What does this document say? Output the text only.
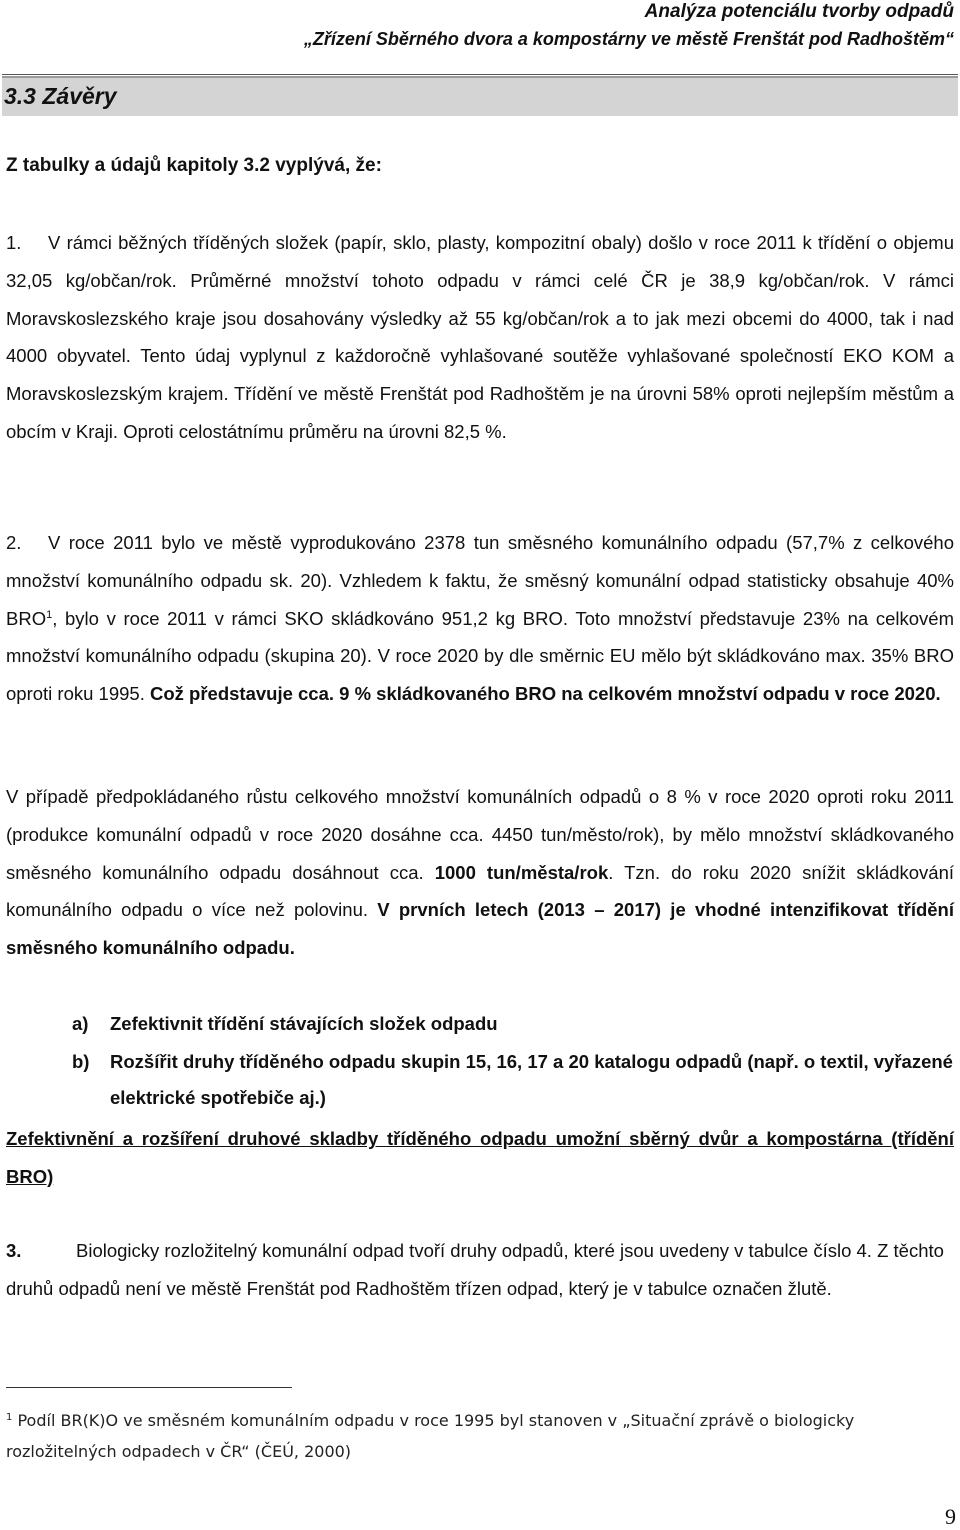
Analýza potenciálu tvorby odpadů
„Zřízení Sběrného dvora a kompostárny ve městě Frenštát pod Radhoštěm“
3.3 Závěry
Z tabulky a údajů kapitoly 3.2 vyplývá, že:
1. V rámci běžných tříděných složek (papír, sklo, plasty, kompozitní obaly) došlo v roce 2011 k třídění o objemu 32,05 kg/občan/rok. Průměrné množství tohoto odpadu v rámci celé ČR je 38,9 kg/občan/rok. V rámci Moravskoslezského kraje jsou dosahovány výsledky až 55 kg/občan/rok a to jak mezi obcemi do 4000, tak i nad 4000 obyvatel. Tento údaj vyplynul z každoročně vyhlašované soutěže vyhlašované společností EKO KOM a Moravskoslezským krajem. Třídění ve městě Frenštát pod Radhoštěm je na úrovni 58% oproti nejlepším městům a obcím v Kraji. Oproti celostátnímu průměru na úrovni 82,5 %.
2. V roce 2011 bylo ve městě vyprodukováno 2378 tun směsného komunálního odpadu (57,7% z celkového množství komunálního odpadu sk. 20). Vzhledem k faktu, že směsný komunální odpad statisticky obsahuje 40% BRO$^1$, bylo v roce 2011 v rámci SKO skládkováno 951,2 kg BRO. Toto množství představuje 23% na celkovém množství komunálního odpadu (skupina 20). V roce 2020 by dle směrnic EU mělo být skládkováno max. 35% BRO oproti roku 1995. Což představuje cca. 9 % skládkovaného BRO na celkovém množství odpadu v roce 2020.
V případě předpokládaného růstu celkového množství komunálních odpadů o 8 % v roce 2020 oproti roku 2011 (produkce komunální odpadů v roce 2020 dosáhne cca. 4450 tun/město/rok), by mělo množství skládkovaného směsného komunálního odpadu dosáhnout cca. 1000 tun/města/rok. Tzn. do roku 2020 snížit skládkování komunálního odpadu o více než polovinu. V prvních letech (2013 – 2017) je vhodné intenzifikovat třídění směsného komunálního odpadu.
a) Zefektivnit třídění stávajících složek odpadu
b) Rozšířit druhy tříděného odpadu skupin 15, 16, 17 a 20 katalogu odpadů (např. o textil, vyřazené elektrické spotřebiče aj.)
Zefektivnění a rozšíření druhové skladby tříděného odpadu umožní sběrný dvůr a kompostárna (třídění BRO)
3.	Biologicky rozložitelný komunální odpad tvoří druhy odpadů, které jsou uvedeny v tabulce číslo 4. Z těchto druhů odpadů není ve městě Frenštát pod Radhoštěm třízen odpad, který je v tabulce označen žlutě.
$^1$ Podíl BR(K)O ve směsném komunálním odpadu v roce 1995 byl stanoven v „Situační zprávě o biologicky rozložitelných odpadech v ČR“ (ČEÚ, 2000)
9
